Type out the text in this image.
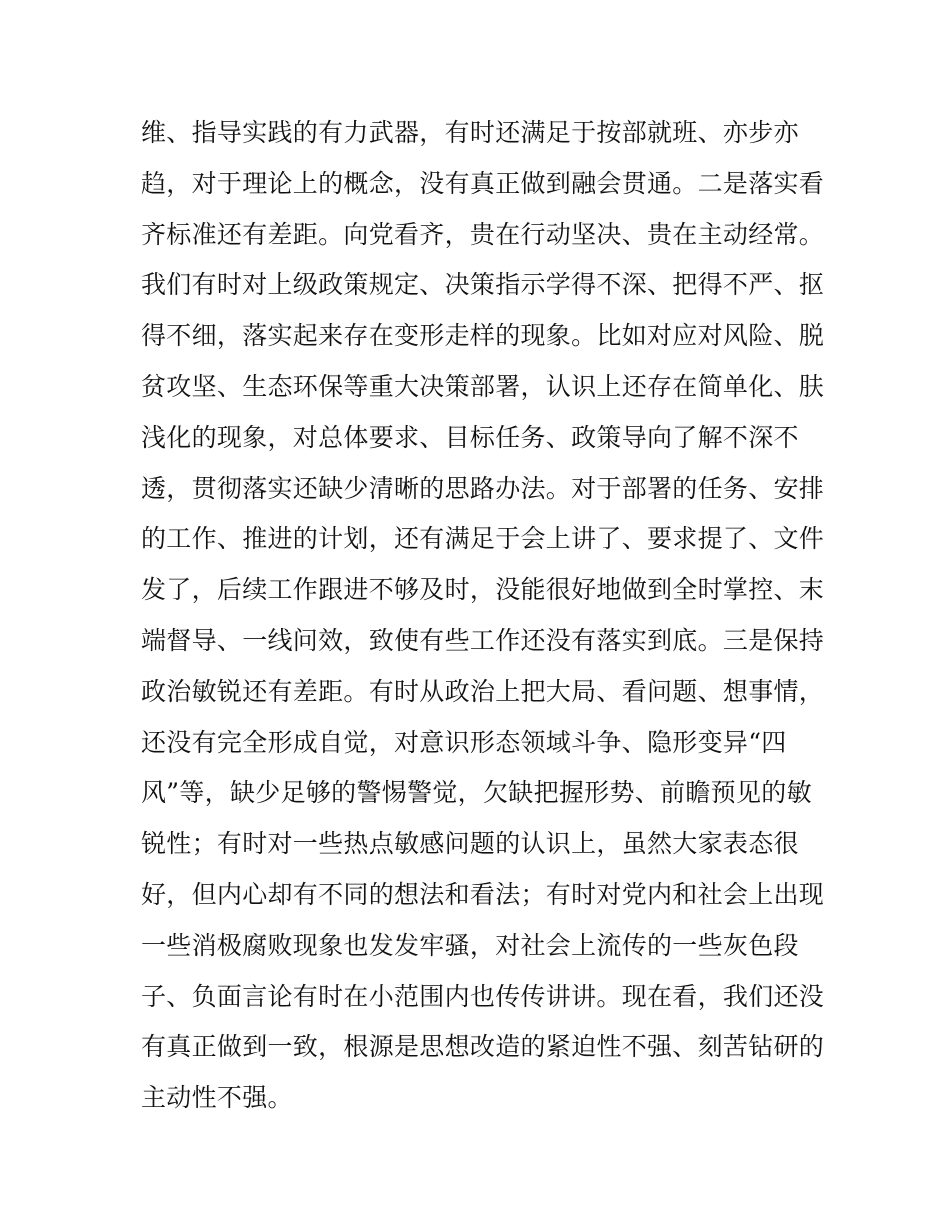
维、指导实践的有力武器，有时还满足于按部就班、亦步亦
趋，对于理论上的概念，没有真正做到融会贯通。二是落实看
齐标准还有差距。向党看齐，贵在行动坚决、贵在主动经常。
我们有时对上级政策规定、决策指示学得不深、把得不严、抠
得不细，落实起来存在变形走样的现象。比如对应对风险、脱
贫攻坚、生态环保等重大决策部署，认识上还存在简单化、肤
浅化的现象，对总体要求、目标任务、政策导向了解不深不
透，贯彻落实还缺少清晰的思路办法。对于部署的任务、安排
的工作、推进的计划，还有满足于会上讲了、要求提了、文件
发了，后续工作跟进不够及时，没能很好地做到全时掌控、末
端督导、一线问效，致使有些工作还没有落实到底。三是保持
政治敏锐还有差距。有时从政治上把大局、看问题、想事情，
还没有完全形成自觉，对意识形态领域斗争、隐形变异“四
风”等，缺少足够的警惕警觉，欠缺把握形势、前瞻预见的敏
锐性；有时对一些热点敏感问题的认识上，虽然大家表态很
好，但内心却有不同的想法和看法；有时对党内和社会上出现
一些消极腐败现象也发发牢骚，对社会上流传的一些灰色段
子、负面言论有时在小范围内也传传讲讲。现在看，我们还没
有真正做到一致，根源是思想改造的紧迫性不强、刻苦钻研的
主动性不强。
